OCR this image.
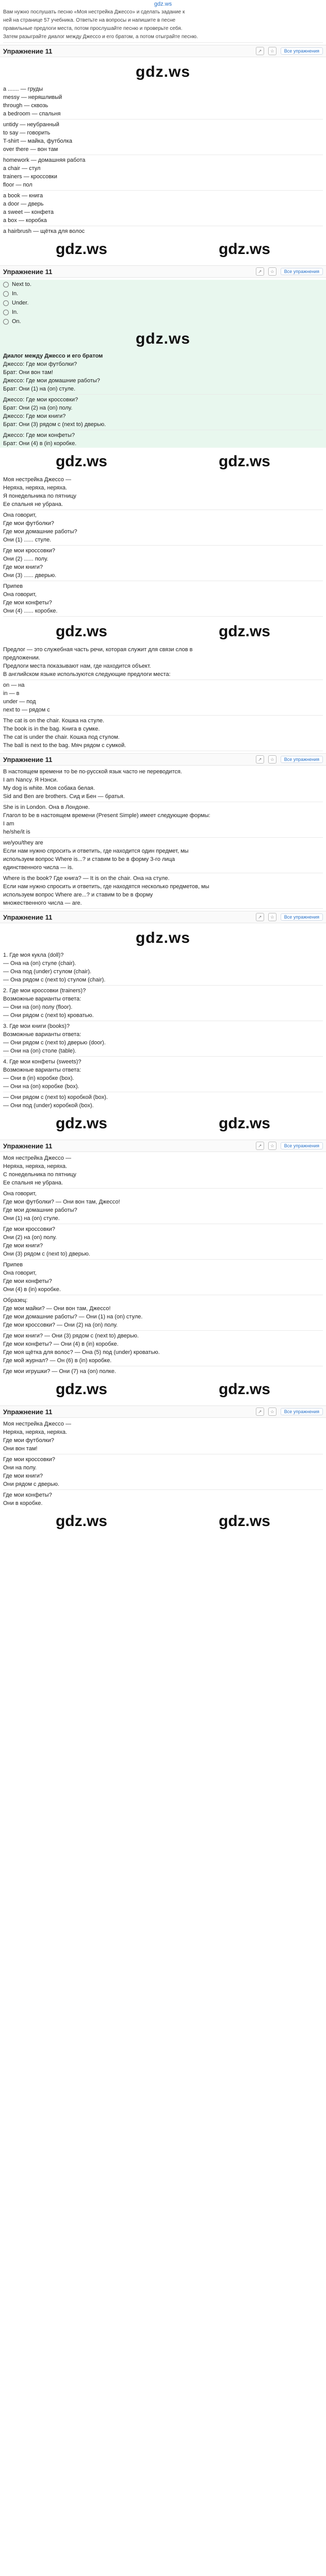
gdz.ws
Вам нужно послушать песню «Моя нестрейка Джессо» и сделать задание к
ней на странице 57 учебника. Ответьте на вопросы и напишите в песне
правильные предлоги места, потом прослушайте песню и проверьте себя.
Затем разыграйте диалог между Джессо и его братом, а потом отыграйте песню.
Упражнение 11	↗	☆	Все упражнения
gdz.ws
a ....... — груды
messy — неряшливый
through — сквозь
a bedroom — спальня
untidy — неубранный
to say — говорить
T-shirt — майка, футболка
over there — вон там
homework — домашняя работа
a chair — стул
trainers — кроссовки
floor — пол
a book — книга
a door — дверь
a sweet — конфета
a box — коробка
a hairbrush — щётка для волос
gdz.ws	gdz.ws
Упражнение 11	↗	☆	Все упражнения
Next to.
In.
Under.
In.
On.
gdz.ws
Диалог между Джессо и его братом
Джессо: Где мои футболки?
Брат: Они вон там!
Джессо: Где мои домашние работы?
Брат: Они (1) на (on) стуле.
Джессо: Где мои кроссовки?
Брат: Они (2) на (on) полу.
Джессо: Где мои книги?
Брат: Они (3) рядом с (next to) дверью.
Джессо: Где мои конфеты?
Брат: Они (4) в (in) коробке.
gdz.ws	gdz.ws
Моя нестрейка Джессо —
Неряха, неряха, неряха.
Я понедельника по пятницу
Ее спальня не убрана.
Она говорит,
Где мои футболки?
Где мои домашние работы?
Они (1) ...... стуле.
Где мои кроссовки?
Они (2) ...... полу.
Где мои книги?
Они (3) ...... дверью.
Припев
Она говорит,
Где мои конфеты?
Они (4) ...... коробке.
gdz.ws	gdz.ws
Предлог — это служебная часть речи, которая служит для связи слов в
предложении.
Предлоги места показывают нам, где находится объект.
В английском языке используются следующие предлоги места:
on — на
in — в
under — под
next to — рядом с
The cat is on the chair. Кошка на стуле.
The book is in the bag. Книга в сумке.
The cat is under the chair. Кошка под стулом.
The ball is next to the bag. Мяч рядом с сумкой.
Упражнение 11	↗	☆	Все упражнения
В настоящем времени то be по-русской язык часто не переводится.
I am Nancy. Я Нэнси.
My dog is white. Моя собака белая.
Sid and Ben are brothers. Сид и Бен — братья.
She is in London. Она в Лондоне.
Глагол to be в настоящем времени (Present Simple) имеет следующие формы:
I am
he/she/it is
we/you/they are
Если нам нужно спросить и ответить, где находится один предмет, мы
используем вопрос Where is...? и ставим to be в форму 3-го лица
единственного числа — is.
Where is the book? Где книга? — It is on the chair. Она на стуле.
Если нам нужно спросить и ответить, где находятся несколько предметов, мы
используем вопрос Where are...? и ставим to be в форму
множественного числа — are.
Упражнение 11	↗	☆	Все упражнения
gdz.ws
1. Где моя кукла (doll)?
— Она на (on) стуле (chair).
— Она под (under) стулом (chair).
— Она рядом с (next to) стулом (chair).
2. Где мои кроссовки (trainers)?
Возможные варианты ответа:
— Они на (on) полу (floor).
— Они рядом с (next to) кроватью.
3. Где мои книги (books)?
Возможные варианты ответа:
— Они рядом с (next to) дверью (door).
— Они на (on) столе (table).
4. Где мои конфеты (sweets)?
Возможные варианты ответа:
— Они в (in) коробке (box).
— Они на (on) коробке (box).
— Они рядом с (next to) коробкой (box).
— Они под (under) коробкой (box).
gdz.ws	gdz.ws
Упражнение 11	↗	☆	Все упражнения
Моя нестрейка Джессо —
Неряха, неряха, неряха.
С понедельника по пятницу
Ее спальня не убрана.
Она говорит,
Где мои футболки? — Они вон там, Джессо!
Где мои домашние работы?
Они (1) на (on) стуле.
Где мои кроссовки?
Они (2) на (on) полу.
Где мои книги?
Они (3) рядом с (next to) дверью.
Припев
Она говорит,
Где мои конфеты?
Они (4) в (in) коробке.
Образец:
Где мои майки? — Они вон там, Джессо!
Где мои домашние работы? — Они (1) на (on) стуле.
Где мои кроссовки? — Они (2) на (on) полу.
Где мои книги? — Они (3) рядом с (next to) дверью.
Где мои конфеты? — Они (4) в (in) коробке.
Где моя щётка для волос? — Она (5) под (under) кроватью.
Где мой журнал? — Он (6) в (in) коробке.
Где мои игрушки? — Они (7) на (on) полке.
gdz.ws	gdz.ws
Упражнение 11	↗	☆	Все упражнения
Моя нестрейка Джессо —
Неряха, неряха, неряха.
Где мои футболки?
Они вон там!
Где мои кроссовки?
Они на полу.
Где мои книги?
Они рядом с дверью.
Где мои конфеты?
Они в коробке.
gdz.ws	gdz.ws
